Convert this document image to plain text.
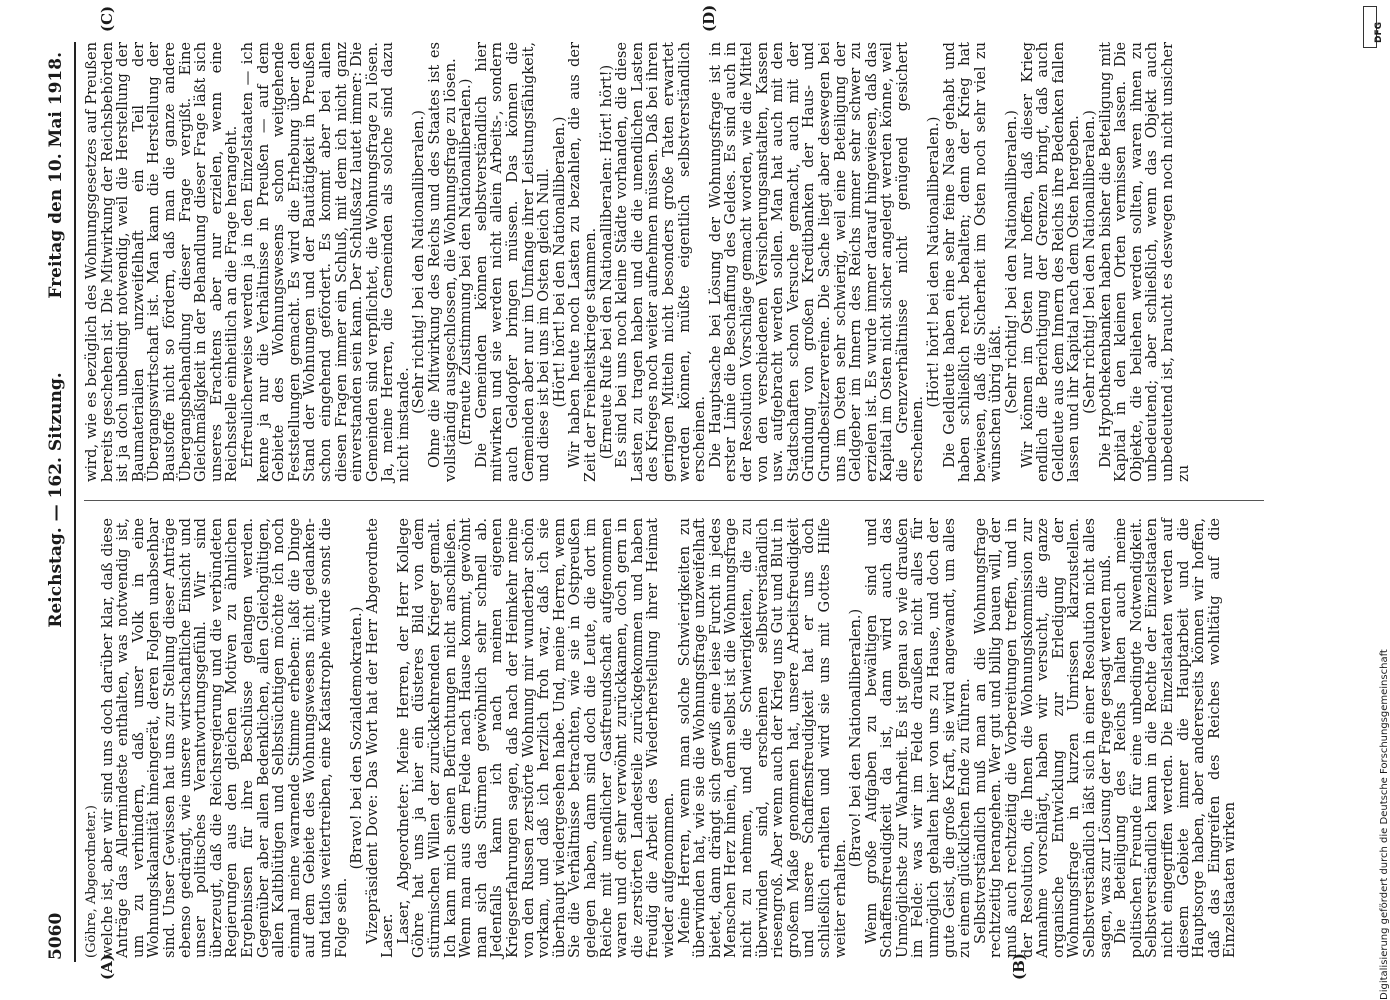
5060
Reichstag. — 162. Sitzung.
Freitag den 10. Mai 1918.
(A)	(B)
(C)	(D)

(Göhre, Abgeordneter.) welche ist, aber wir sind uns doch darüber klar, daß diese Anträge das Allermindeste enthalten, was notwendig ist, um zu verhindern, daß unser Volk in eine Wohnungskalamität hineingerät, deren Folgen unabsehbar sind. Unser Gewissen hat uns zur Stellung dieser Anträge ebenso gedrängt, wie unsere wirtschaftliche Einsicht und unser politisches Verantwortungsgefühl. Wir sind überzeugt, daß die Reichsregierung und die verbündeten Regierungen aus den gleichen Motiven zu ähnlichen Ergebnissen für ihre Beschlüsse gelangen werden. Gegenüber aber allen Bedenklichen, allen Gleichgültigen, allen Kaltblütigen und Selbstsüchtigen möchte ich noch einmal meine warnende Stimme erheben: laßt die Dinge auf dem Gebiete des Wohnungswesens nicht gedanken- und tatlos weitertreiben, eine Katastrophe würde sonst die Folge sein.

(Bravo! bei den Sozialdemokraten.)

Vizepräsident Dove: Das Wort hat der Herr Abgeordnete Laser.

Laser, Abgeordneter: Meine Herren, der Herr Kollege Göhre hat uns ja hier ein düsteres Bild von dem stürmischen Willen der zurückkehrenden Krieger gemalt. Ich kann mich seinen Befürchtungen nicht anschließen. Wenn man aus dem Felde nach Hause kommt, gewöhnt man sich das Stürmen gewöhnlich sehr schnell ab. Jedenfalls kann ich nach meinen eigenen Kriegserfahrungen sagen, daß nach der Heimkehr meine von den Russen zerstörte Wohnung mir wunderbar schön vorkam, und daß ich herzlich froh war, daß ich sie überhaupt wiedergesehen habe. Und, meine Herren, wenn Sie die Verhältnisse betrachten, wie sie in Ostpreußen gelegen haben, dann sind doch die Leute, die dort im Reiche mit unendlicher Gastfreundschaft aufgenommen waren und oft sehr verwöhnt zurückkamen, doch gern in die zerstörten Landesteile zurückgekommen und haben freudig die Arbeit des Wiederherstellung ihrer Heimat wieder aufgenommen.

Meine Herren, wenn man solche Schwierigkeiten zu überwinden hat, wie sie die Wohnungsfrage unzweifelhaft bietet, dann drängt sich gewiß eine leise Furcht in jedes Menschen Herz hinein, denn selbst ist die Wohnungsfrage nicht zu nehmen, und die Schwierigkeiten, die zu überwinden sind, erscheinen selbstverständlich riesengroß. Aber wenn auch der Krieg uns Gut und Blut in großem Maße genommen hat, unsere Arbeitsfreudigkeit und unsere Schaffensfreudigkeit hat er uns doch schließlich erhalten und wird sie uns mit Gottes Hilfe weiter erhalten.

(Bravo! bei den Nationalliberalen.)

Wenn große Aufgaben zu bewältigen sind und Schaffensfreudigkeit da ist, dann wird auch das Unmöglichste zur Wahrheit. Es ist genau so wie draußen im Felde: was wir im Felde draußen nicht alles für unmöglich gehalten hier von uns zu Hause, und doch der gute Geist, die große Kraft, sie wird angewandt, um alles zu einem glücklichen Ende zu führen.

Selbstverständlich muß man an die Wohnungsfrage rechtzeitig herangehen. Wer gut und billig bauen will, der muß auch rechtzeitig die Vorbereitungen treffen, und in der Resolution, die Ihnen die Wohnungskommission zur Annahme vorschlägt, haben wir versucht, die ganze organische Entwicklung zur Erledigung der Wohnungsfrage in kurzen Umrissen klarzustellen. Selbstverständlich läßt sich in einer Resolution nicht alles sagen, was zur Lösung der Frage gesagt werden muß.

Die Beteiligung des Reichs halten auch meine politischen Freunde für eine unbedingte Notwendigkeit. Selbstverständlich kann in die Rechte der Einzelstaaten nicht eingegriffen werden. Die Einzelstaaten werden auf diesem Gebiete immer die Hauptarbeit und die Hauptsorge haben, aber andererseits können wir hoffen, daß das Eingreifen des Reiches wohltätig auf die Einzelstaaten wirken

wird, wie es bezüglich des Wohnungsgesetzes auf Preußen bereits geschehen ist. Die Mitwirkung der Reichsbehörden ist ja doch unbedingt notwendig, weil die Herstellung der Baumaterialien unzweifelhaft ein Teil der Übergangswirtschaft ist. Man kann die Herstellung der Baustoffe nicht so fördern, daß man die ganze andere Übergangsbehandlung dieser Frage vergißt. Eine Gleichmäßigkeit in der Behandlung dieser Frage läßt sich unseres Erachtens aber nur erzielen, wenn eine Reichsstelle einheitlich an die Frage herangeht.

Erfreulicherweise werden ja in den Einzelstaaten — ich kenne ja nur die Verhältnisse in Preußen — auf dem Gebiete des Wohnungswesens schon weitgehende Feststellungen gemacht. Es wird die Erhebung über den Stand der Wohnungen und der Bautätigkeit in Preußen schon eingehend gefördert. Es kommt aber bei allen diesen Fragen immer ein Schluß, mit dem ich nicht ganz einverstanden sein kann. Der Schlußsatz lautet immer: Die Gemeinden sind verpflichtet, die Wohnungsfrage zu lösen. Ja, meine Herren, die Gemeinden als solche sind dazu nicht imstande.

(Sehr richtig! bei den Nationalliberalen.)

Ohne die Mitwirkung des Reichs und des Staates ist es vollständig ausgeschlossen, die Wohnungsfrage zu lösen.

(Erneute Zustimmung bei den Nationalliberalen.)

Die Gemeinden können selbstverständlich hier mitwirken und sie werden nicht allein Arbeits-, sondern auch Geldopfer bringen müssen. Das können die Gemeinden aber nur im Umfange ihrer Leistungsfähigkeit, und diese ist bei uns im Osten gleich Null.

(Hört! hört! bei den Nationalliberalen.)

Wir haben heute noch Lasten zu bezahlen, die aus der Zeit der Freiheitskriege stammen.

(Erneute Rufe bei den Nationalliberalen: Hört! hört!)

Es sind bei uns noch kleine Städte vorhanden, die diese Lasten zu tragen haben und die die unendlichen Lasten des Krieges noch weiter aufnehmen müssen. Daß bei ihren geringen Mitteln nicht besonders große Taten erwartet werden können, müßte eigentlich selbstverständlich erscheinen.

Die Hauptsache bei Lösung der Wohnungsfrage ist in erster Linie die Beschaffung des Geldes. Es sind auch in der Resolution Vorschläge gemacht worden, wie die Mittel von den verschiedenen Versicherungsanstalten, Kassen usw. aufgebracht werden sollen. Man hat auch mit den Stadtschaften schon Versuche gemacht, auch mit der Gründung von großen Kreditbanken der Haus- und Grundbesitzervereine. Die Sache liegt aber deswegen bei uns im Osten sehr schwierig, weil eine Beteiligung der Geldgeber im Innern des Reichs immer sehr schwer zu erzielen ist. Es wurde immer darauf hingewiesen, daß das Kapital im Osten nicht sicher angelegt werden könne, weil die Grenzverhältnisse nicht genügend gesichert erscheinen.

(Hört! hört! bei den Nationalliberalen.)

Die Geldleute haben eine sehr feine Nase gehabt und haben schließlich recht behalten; denn der Krieg hat bewiesen, daß die Sicherheit im Osten noch sehr viel zu wünschen übrig läßt.

(Sehr richtig! bei den Nationalliberalen.)

Wir können im Osten nur hoffen, daß dieser Krieg endlich die Berichtigung der Grenzen bringt, daß auch Geldleute aus dem Innern des Reichs ihre Bedenken fallen lassen und ihr Kapital nach dem Osten hergeben.

(Sehr richtig! bei den Nationalliberalen.)

Die Hypothekenbanken haben bisher die Beteiligung mit Kapital in den kleinen Orten vermissen lassen. Die Objekte, die beliehen werden sollten, waren ihnen zu unbedeutend; aber schließlich, wenn das Objekt auch unbedeutend ist, braucht es deswegen noch nicht unsicher zu

DFG
Digitalisierung gefördert durch die Deutsche Forschungsgemeinschaft
